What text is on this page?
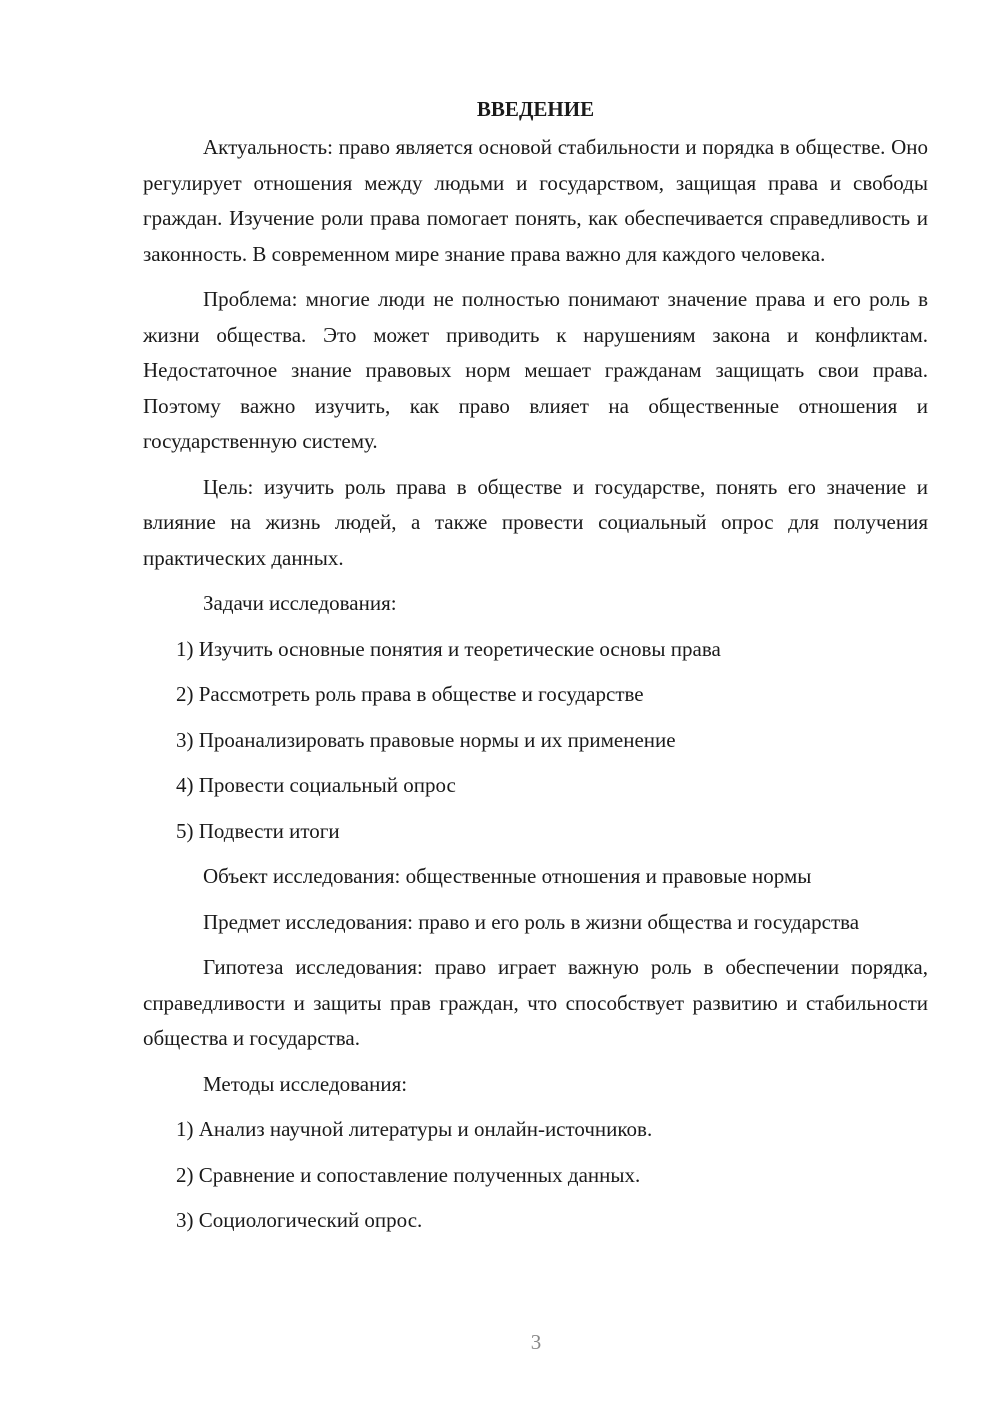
ВВЕДЕНИЕ

Актуальность: право является основой стабильности и порядка в обществе. Оно регулирует отношения между людьми и государством, защищая права и свободы граждан. Изучение роли права помогает понять, как обеспечивается справедливость и законность. В современном мире знание права важно для каждого человека.

Проблема: многие люди не полностью понимают значение права и его роль в жизни общества. Это может приводить к нарушениям закона и конфликтам. Недостаточное знание правовых норм мешает гражданам защищать свои права. Поэтому важно изучить, как право влияет на общественные отношения и государственную систему.

Цель: изучить роль права в обществе и государстве, понять его значение и влияние на жизнь людей, а также провести социальный опрос для получения практических данных.

Задачи исследования:
1) Изучить основные понятия и теоретические основы права
2) Рассмотреть роль права в обществе и государстве
3) Проанализировать правовые нормы и их применение
4) Провести социальный опрос
5) Подвести итоги
Объект исследования: общественные отношения и правовые нормы

Предмет исследования: право и его роль в жизни общества и государства

Гипотеза исследования: право играет важную роль в обеспечении порядка, справедливости и защиты прав граждан, что способствует развитию и стабильности общества и государства.

Методы исследования:
1) Анализ научной литературы и онлайн-источников.
2) Сравнение и сопоставление полученных данных.
3) Социологический опрос.
3
